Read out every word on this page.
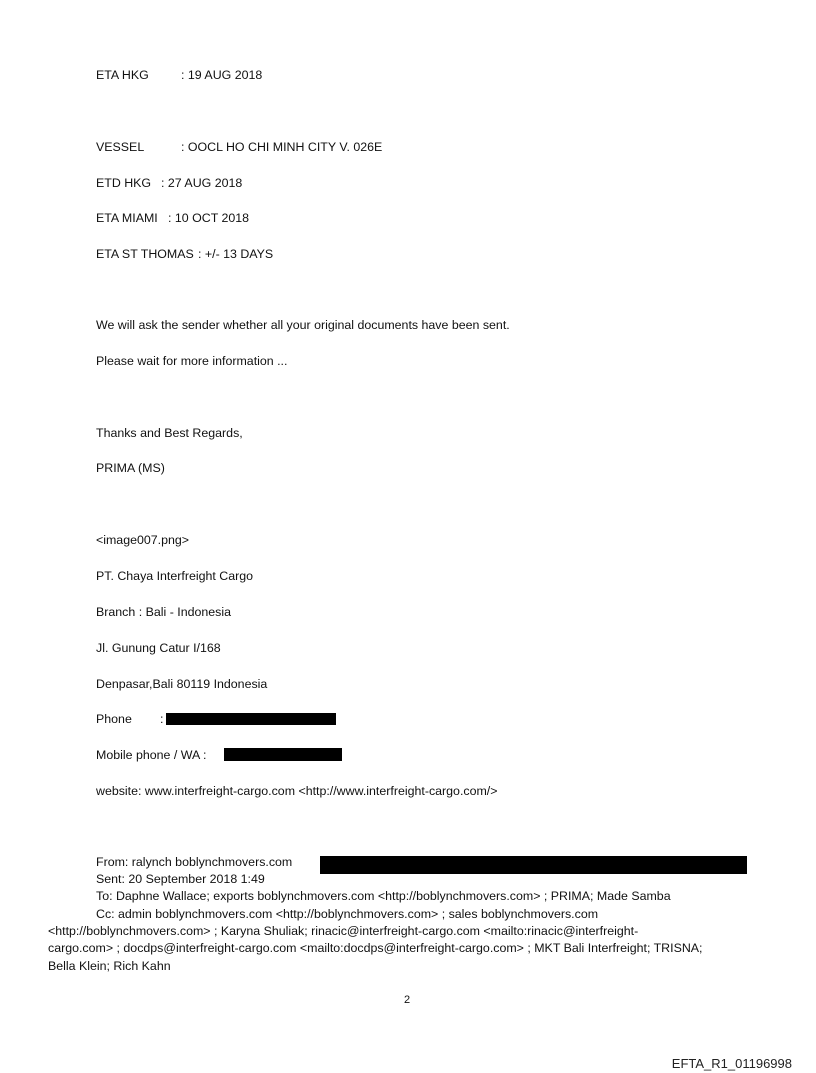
ETA HKG	: 19 AUG 2018
VESSEL	: OOCL HO CHI MINH CITY V. 026E
ETD HKG : 27 AUG 2018
ETA MIAMI : 10 OCT 2018
ETA ST THOMAS : +/- 13 DAYS
We will ask the sender whether all your original documents have been sent.
Please wait for more information ...
Thanks and Best Regards,
PRIMA (MS)
<image007.png>
PT. Chaya Interfreight Cargo
Branch : Bali - Indonesia
Jl. Gunung Catur I/168
Denpasar,Bali 80119 Indonesia
Phone :
Mobile phone / WA :
website: www.interfreight-cargo.com <http://www.interfreight-cargo.com/>
From: ralynch boblynchmovers.com
Sent: 20 September 2018 1:49
To: Daphne Wallace; exports boblynchmovers.com <http://boblynchmovers.com> ; PRIMA; Made Samba
Cc: admin boblynchmovers.com <http://boblynchmovers.com> ; sales boblynchmovers.com
<http://boblynchmovers.com> ; Karyna Shuliak; rinacic@interfreight-cargo.com <mailto:rinacic@interfreight-
cargo.com> ; docdps@interfreight-cargo.com <mailto:docdps@interfreight-cargo.com> ; MKT Bali Interfreight; TRISNA;
Bella Klein; Rich Kahn
2
EFTA_R1_01196998
